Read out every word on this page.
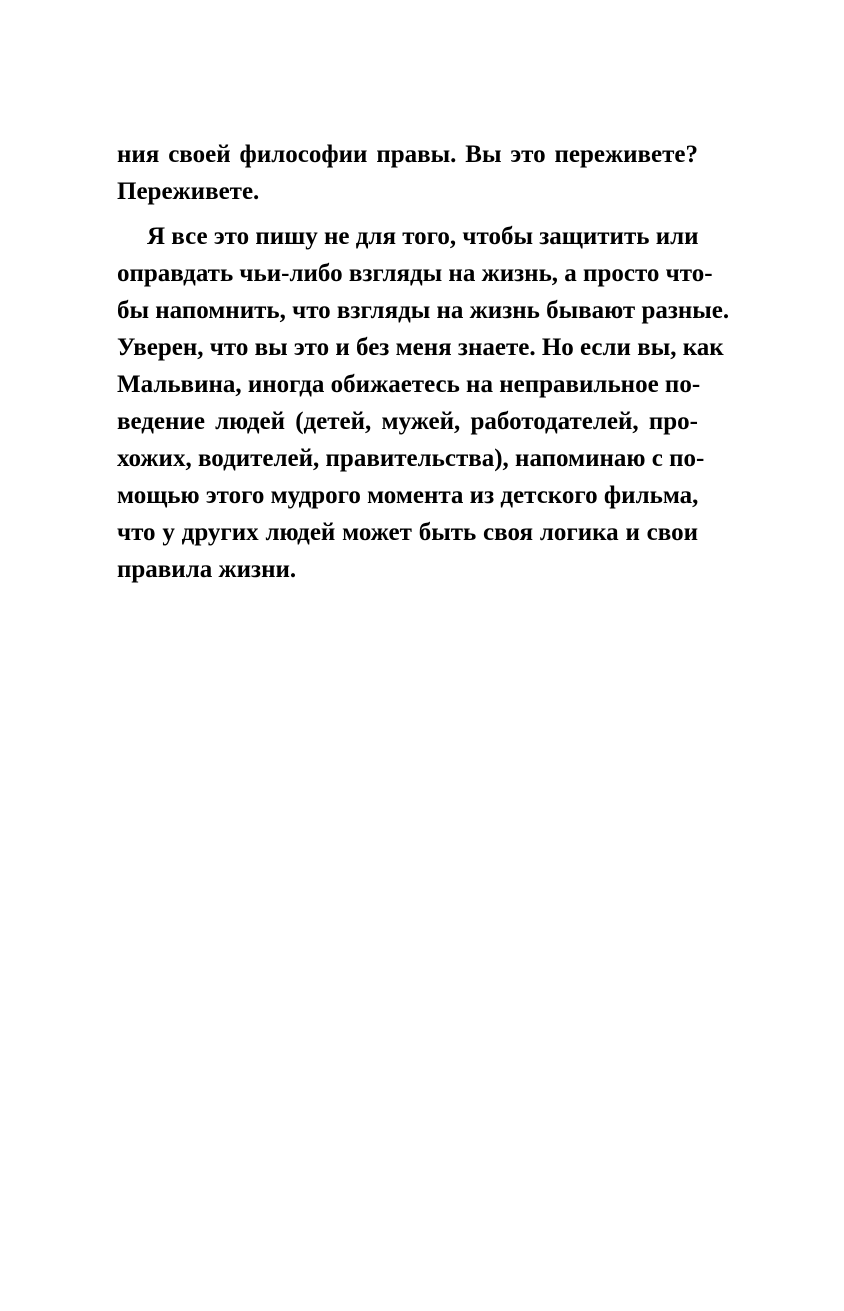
ния своей философии правы. Вы это переживете?
Переживете.
Я все это пишу не для того, чтобы защитить или
оправдать чьи-либо взгляды на жизнь, а просто что-
бы напомнить, что взгляды на жизнь бывают разные.
Уверен, что вы это и без меня знаете. Но если вы, как
Мальвина, иногда обижаетесь на неправильное по-
ведение людей (детей, мужей, работодателей, про-
хожих, водителей, правительства), напоминаю с по-
мощью этого мудрого момента из детского фильма,
что у других людей может быть своя логика и свои
правила жизни.
